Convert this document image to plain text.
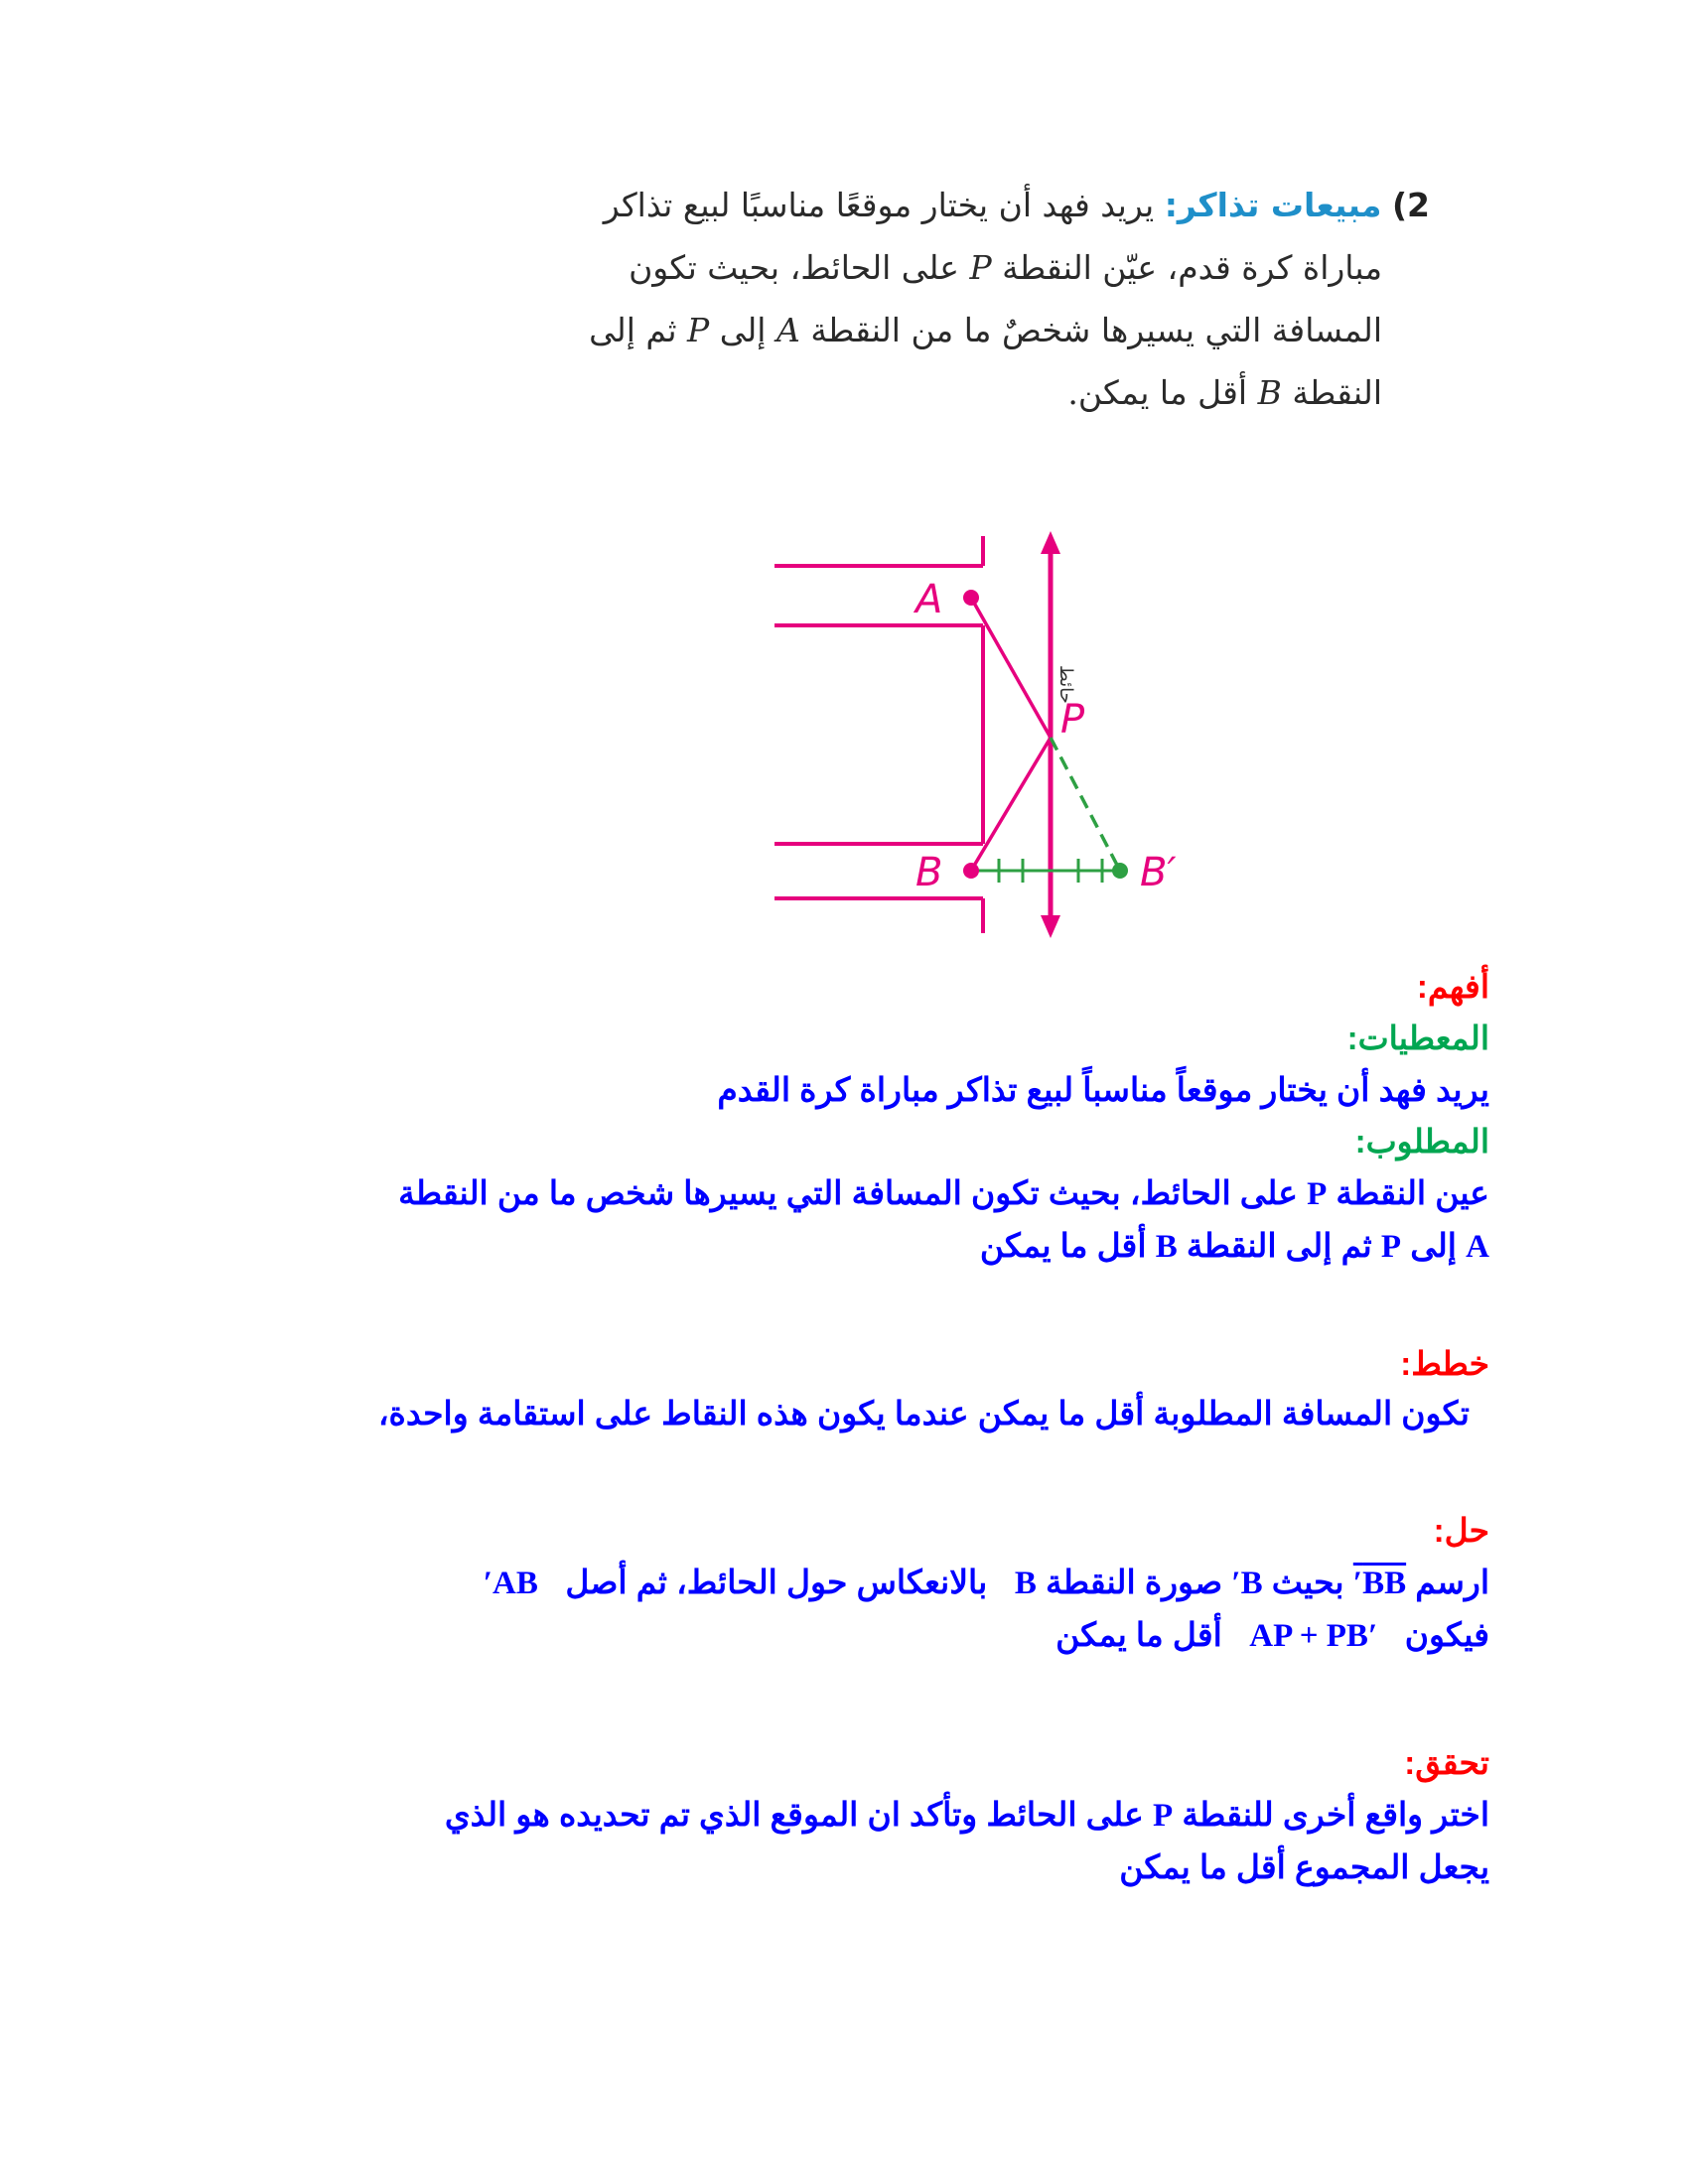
2) مبيعات تذاكر: يريد فهد أن يختار موقعًا مناسبًا لبيع تذاكر
مباراة كرة قدم، عيّن النقطة P على الحائط، بحيث تكون
المسافة التي يسيرها شخصٌ ما من النقطة A إلى P ثم إلى
النقطة B أقل ما يمكن.
حائط
A
P
B	B′
أفهم:
المعطيات:
يريد فهد أن يختار موقعاً مناسباً لبيع تذاكر مباراة كرة القدم
المطلوب:
عين النقطة P على الحائط، بحيث تكون المسافة التي يسيرها شخص ما من النقطة
A إلى P ثم إلى النقطة B أقل ما يمكن
خطط:
تكون المسافة المطلوبة أقل ما يمكن عندما يكون هذه النقاط على استقامة واحدة،
حل:
ارسم BB′ بحيث B′ صورة النقطة B   بالانعكاس حول الحائط، ثم أصل   AB′
فيكون   AP + PB′   أقل ما يمكن
تحقق:
اختر واقع أخرى للنقطة P على الحائط وتأكد ان الموقع الذي تم تحديده هو الذي
يجعل المجموع أقل ما يمكن
